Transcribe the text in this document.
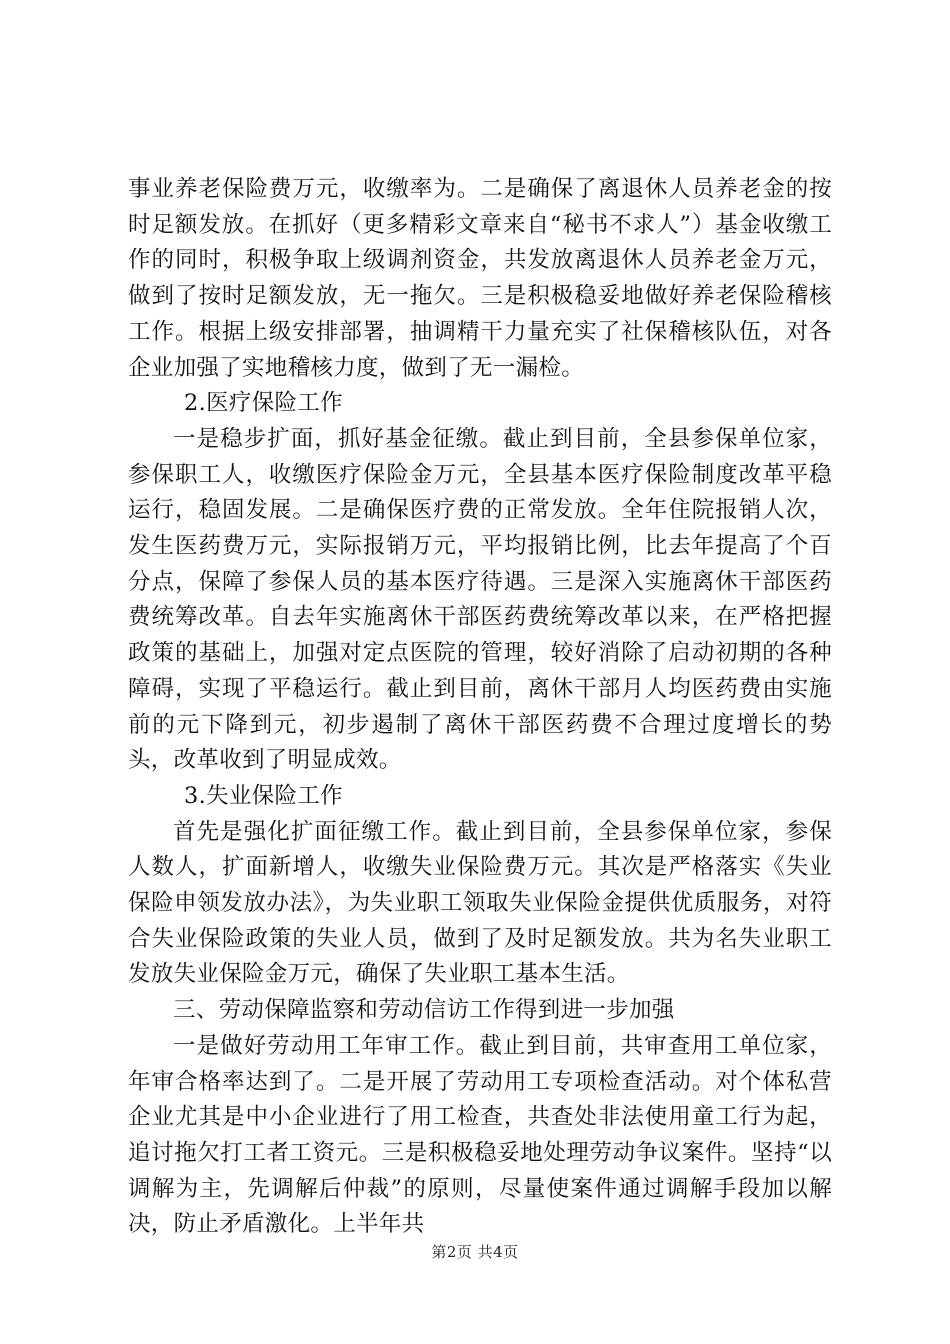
事业养老保险费万元，收缴率为。二是确保了离退休人员养老金的按时足额发放。在抓好（更多精彩文章来自“秘书不求人”）基金收缴工作的同时，积极争取上级调剂资金，共发放离退休人员养老金万元，做到了按时足额发放，无一拖欠。三是积极稳妥地做好养老保险稽核工作。根据上级安排部署，抽调精干力量充实了社保稽核队伍，对各企业加强了实地稽核力度，做到了无一漏检。

2.医疗保险工作

一是稳步扩面，抓好基金征缴。截止到目前，全县参保单位家，参保职工人，收缴医疗保险金万元，全县基本医疗保险制度改革平稳运行，稳固发展。二是确保医疗费的正常发放。全年住院报销人次，发生医药费万元，实际报销万元，平均报销比例，比去年提高了个百分点，保障了参保人员的基本医疗待遇。三是深入实施离休干部医药费统筹改革。自去年实施离休干部医药费统筹改革以来，在严格把握政策的基础上，加强对定点医院的管理，较好消除了启动初期的各种障碍，实现了平稳运行。截止到目前，离休干部月人均医药费由实施前的元下降到元，初步遏制了离休干部医药费不合理过度增长的势头，改革收到了明显成效。

3.失业保险工作

首先是强化扩面征缴工作。截止到目前，全县参保单位家，参保人数人，扩面新增人，收缴失业保险费万元。其次是严格落实《失业保险申领发放办法》，为失业职工领取失业保险金提供优质服务，对符合失业保险政策的失业人员，做到了及时足额发放。共为名失业职工发放失业保险金万元，确保了失业职工基本生活。

三、劳动保障监察和劳动信访工作得到进一步加强

一是做好劳动用工年审工作。截止到目前，共审查用工单位家，年审合格率达到了。二是开展了劳动用工专项检查活动。对个体私营企业尤其是中小企业进行了用工检查，共查处非法使用童工行为起，追讨拖欠打工者工资元。三是积极稳妥地处理劳动争议案件。坚持“以调解为主，先调解后仲裁”的原则，尽量使案件通过调解手段加以解决，防止矛盾激化。上半年共

第2页 共4页
